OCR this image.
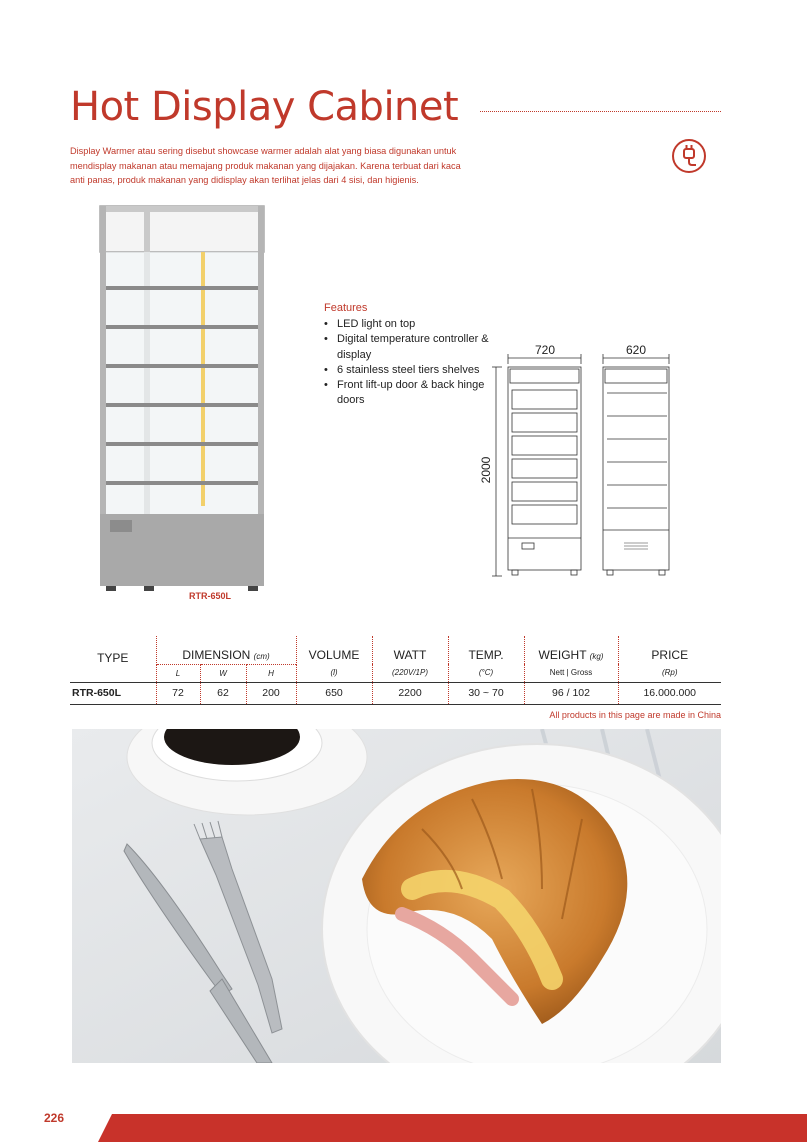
Hot Display Cabinet

Display Warmer atau sering disebut showcase warmer adalah alat yang biasa digunakan untuk mendisplay makanan atau memajang produk makanan yang dijajakan. Karena terbuat dari kaca anti panas, produk makanan yang didisplay akan terlihat jelas dari 4 sisi, dan higienis.

RTR-650L
Features
• LED light on top
• Digital temperature controller & display
• 6 stainless steel tiers shelves
• Front lift-up door & back hinge doors
720	620
2000
TYPE	DIMENSION (cm)			VOLUME	WATT	TEMP.	WEIGHT (kg)	PRICE
	L	W	H	(l)	(220V/1P)	(°C)	Nett | Gross	(Rp)
RTR-650L	72	62	200	650	2200	30 ~ 70	96 / 102	16.000.000
All products in this page are made in China
226
